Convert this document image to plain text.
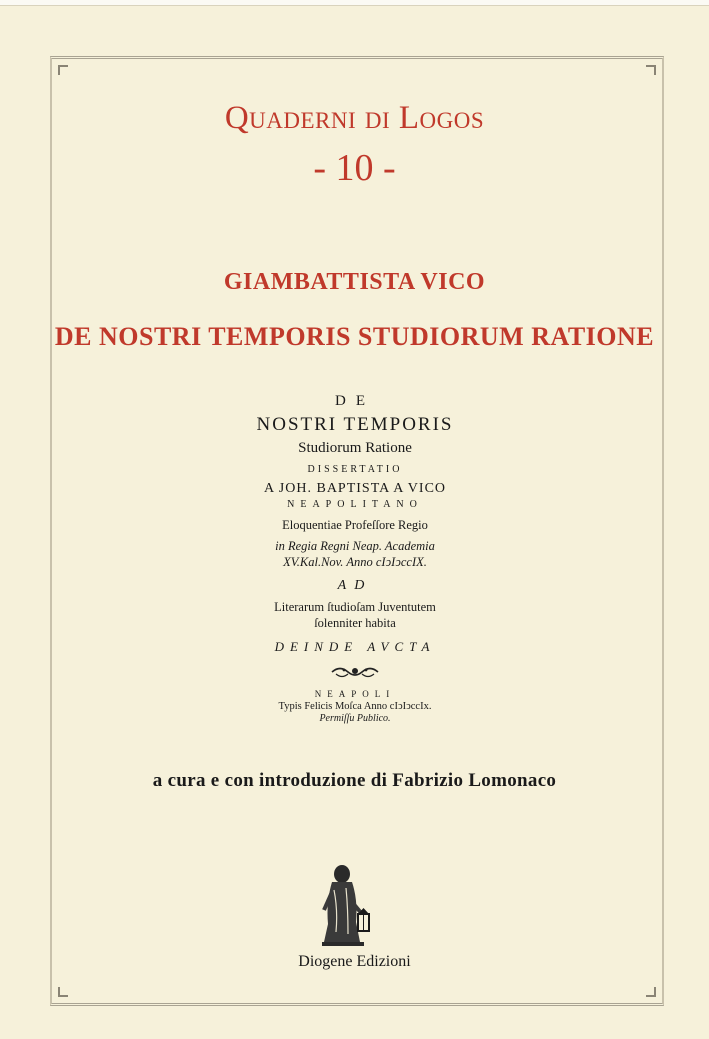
Quaderni di Logos
- 10 -
GIAMBATTISTA VICO
DE NOSTRI TEMPORIS STUDIORUM RATIONE
DE
NOSTRI TEMPORIS
Studiorum Ratione
DISSERTATIO
A JOH. BAPTISTA A VICO
NEAPOLITANO
Eloquentiae Profeſſore Regio
in Regia Regni Neap. Academia
XV.Kal.Nov. Anno cIↄIↄccIX.
AD
Literarum ſtudioſam Juventutem
ſolenniter habita
DEINDE AVCTA
NEAPOLI
Typis Felicis Moſca Anno cIↄIↄccIx.
Permiſſu Publico.
a cura e con introduzione di Fabrizio Lomonaco
Diogene Edizioni
